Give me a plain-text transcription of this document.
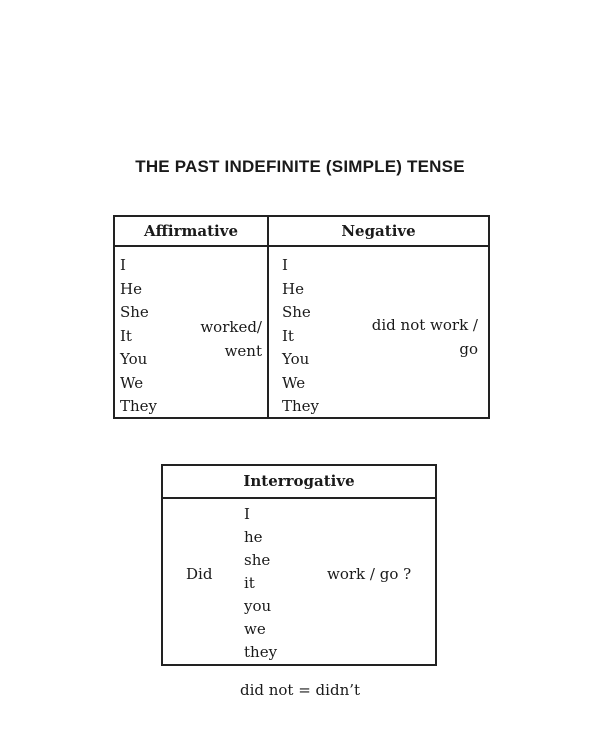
THE PAST INDEFINITE (SIMPLE) TENSE
Affirmative	Negative
I
He
She
It
You
We
They
worked/
went
I
He
She
It
You
We
They
did not work /
go
Interrogative
Did
I
he
she
it
you
we
they
work / go ?
did not = didn’t
